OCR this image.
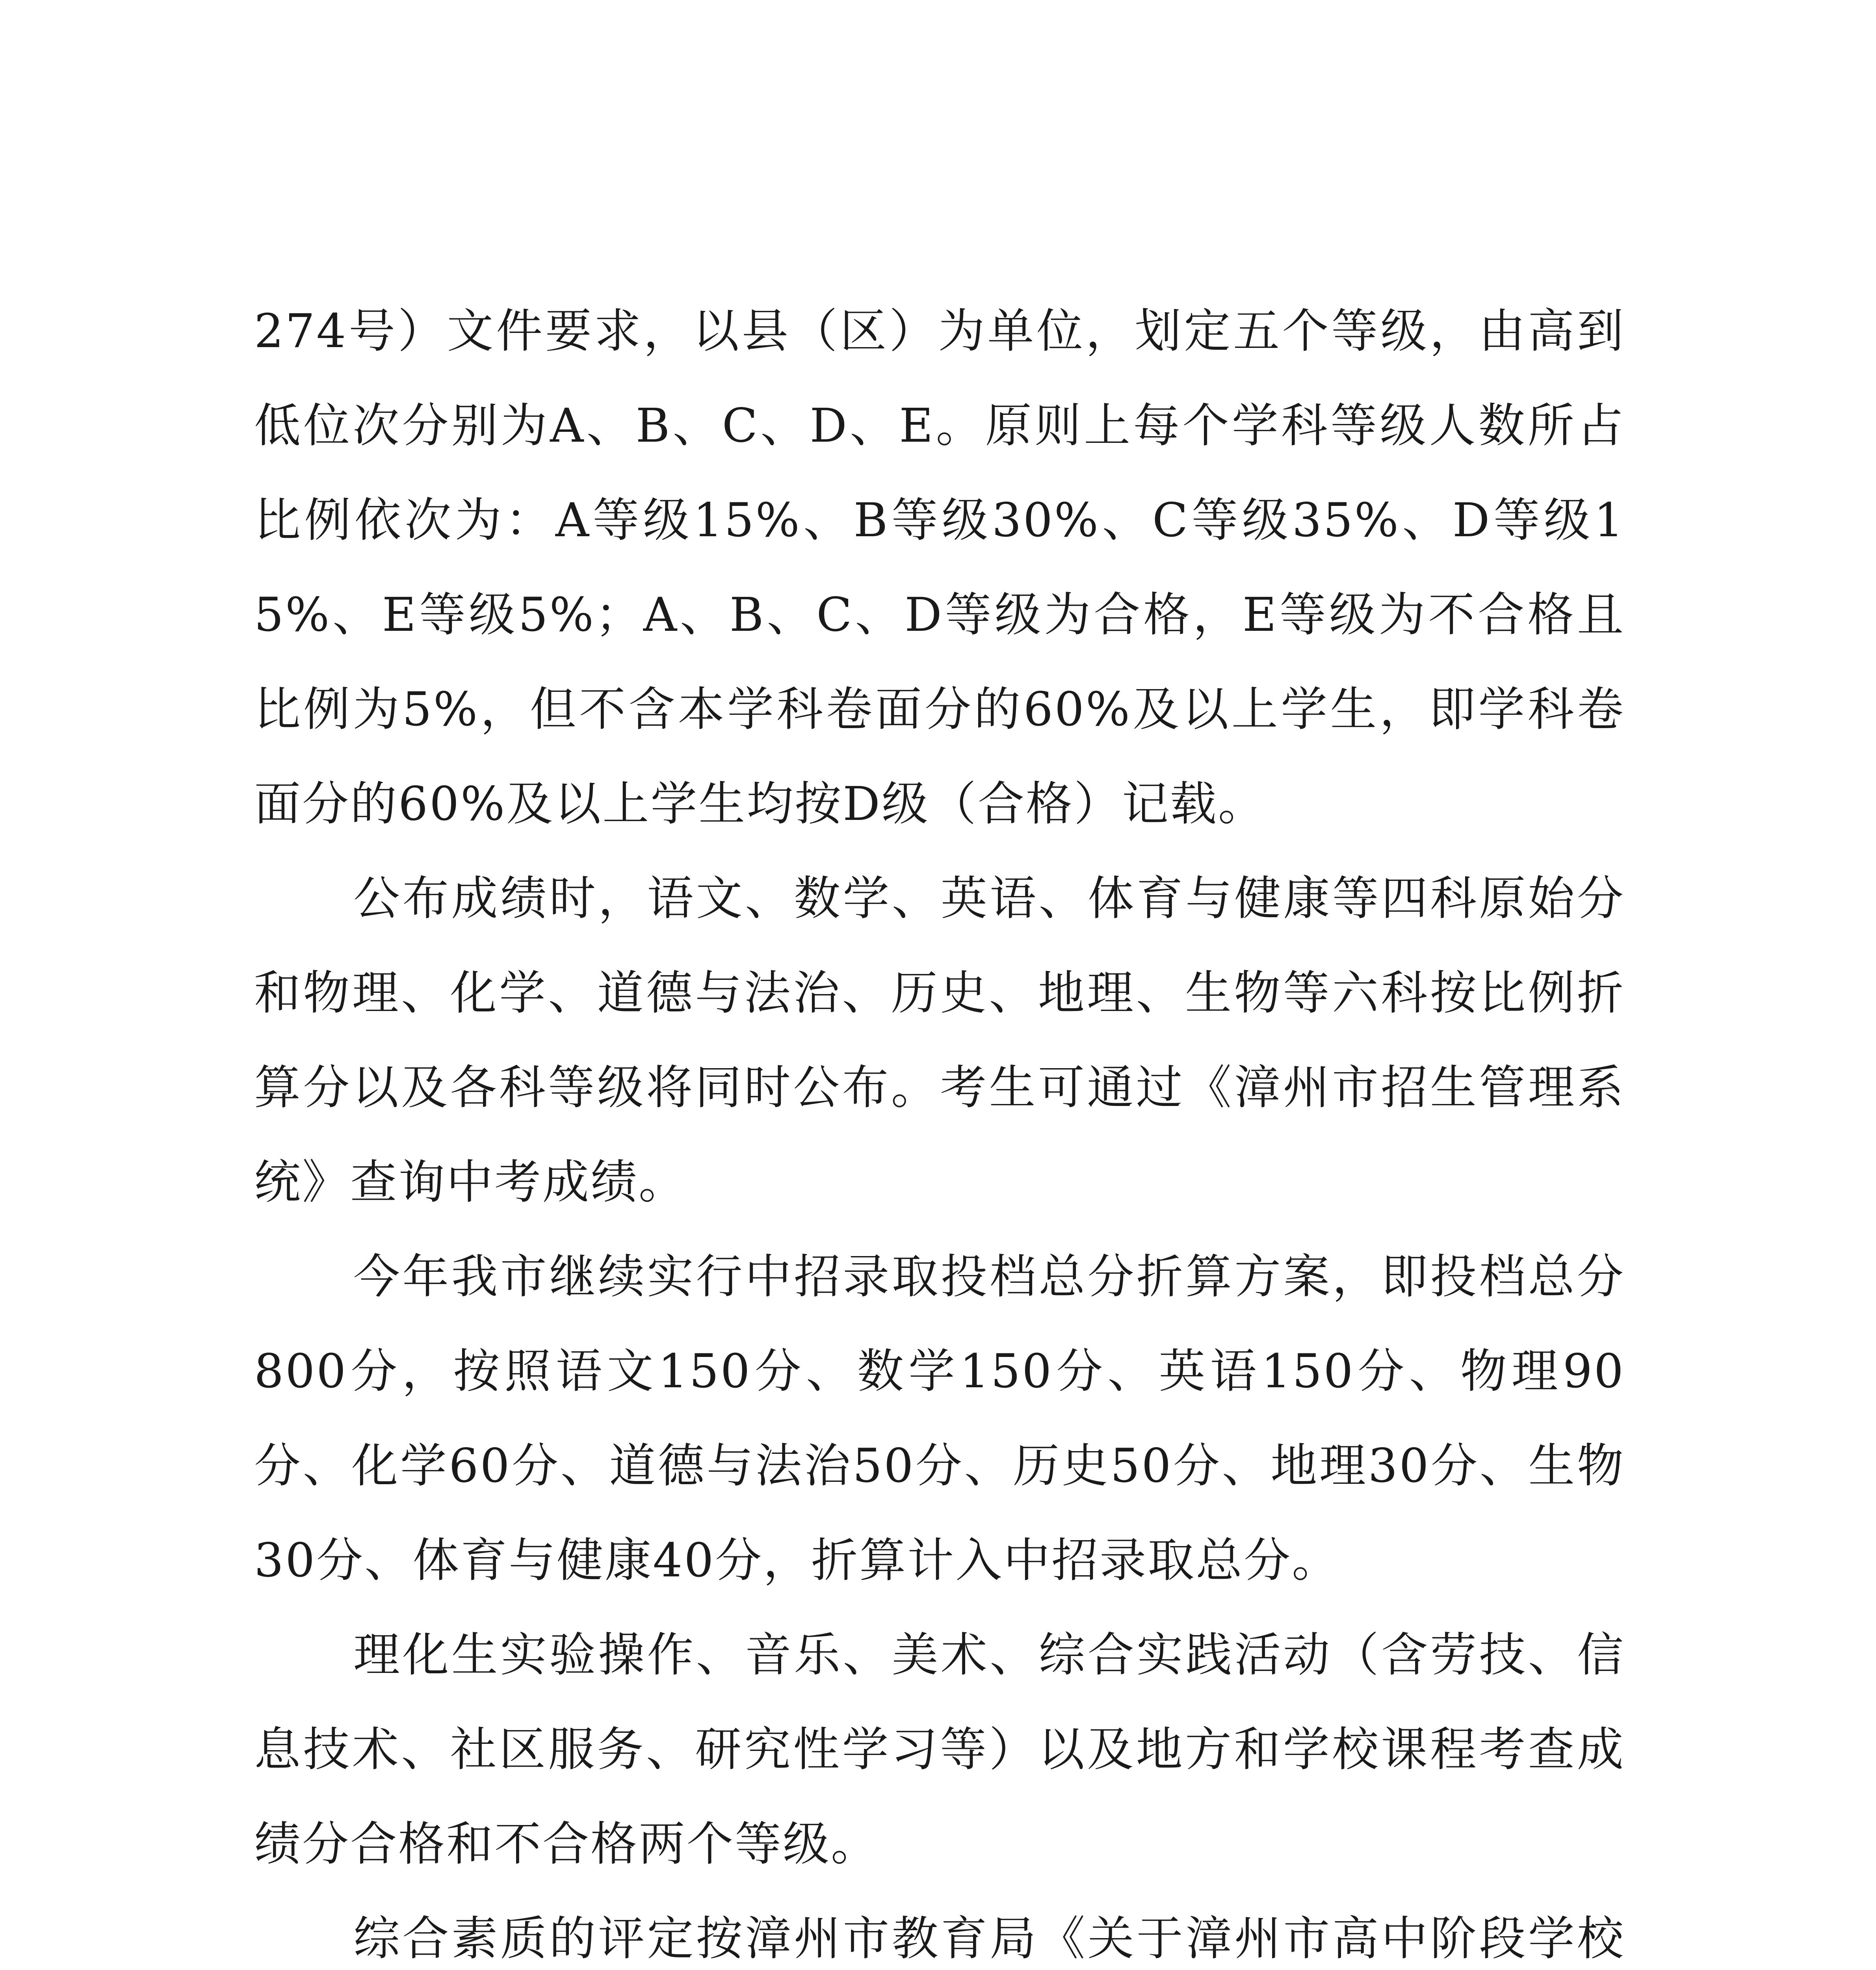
274号）文件要求，以县（区）为单位，划定五个等级，由高到低位次分别为A、B、C、D、E。原则上每个学科等级人数所占比例依次为：A等级15%、B等级30%、C等级35%、D等级15%、E等级5%；A、B、C、D等级为合格，E等级为不合格且比例为5%，但不含本学科卷面分的60%及以上学生，即学科卷面分的60%及以上学生均按D级（合格）记载。

公布成绩时，语文、数学、英语、体育与健康等四科原始分和物理、化学、道德与法治、历史、地理、生物等六科按比例折算分以及各科等级将同时公布。考生可通过《漳州市招生管理系统》查询中考成绩。

今年我市继续实行中招录取投档总分折算方案，即投档总分800分，按照语文150分、数学150分、英语150分、物理90分、化学60分、道德与法治50分、历史50分、地理30分、生物30分、体育与健康40分，折算计入中招录取总分。

理化生实验操作、音乐、美术、综合实践活动（含劳技、信息技术、社区服务、研究性学习等）以及地方和学校课程考查成绩分合格和不合格两个等级。

综合素质的评定按漳州市教育局《关于漳州市高中阶段学校
